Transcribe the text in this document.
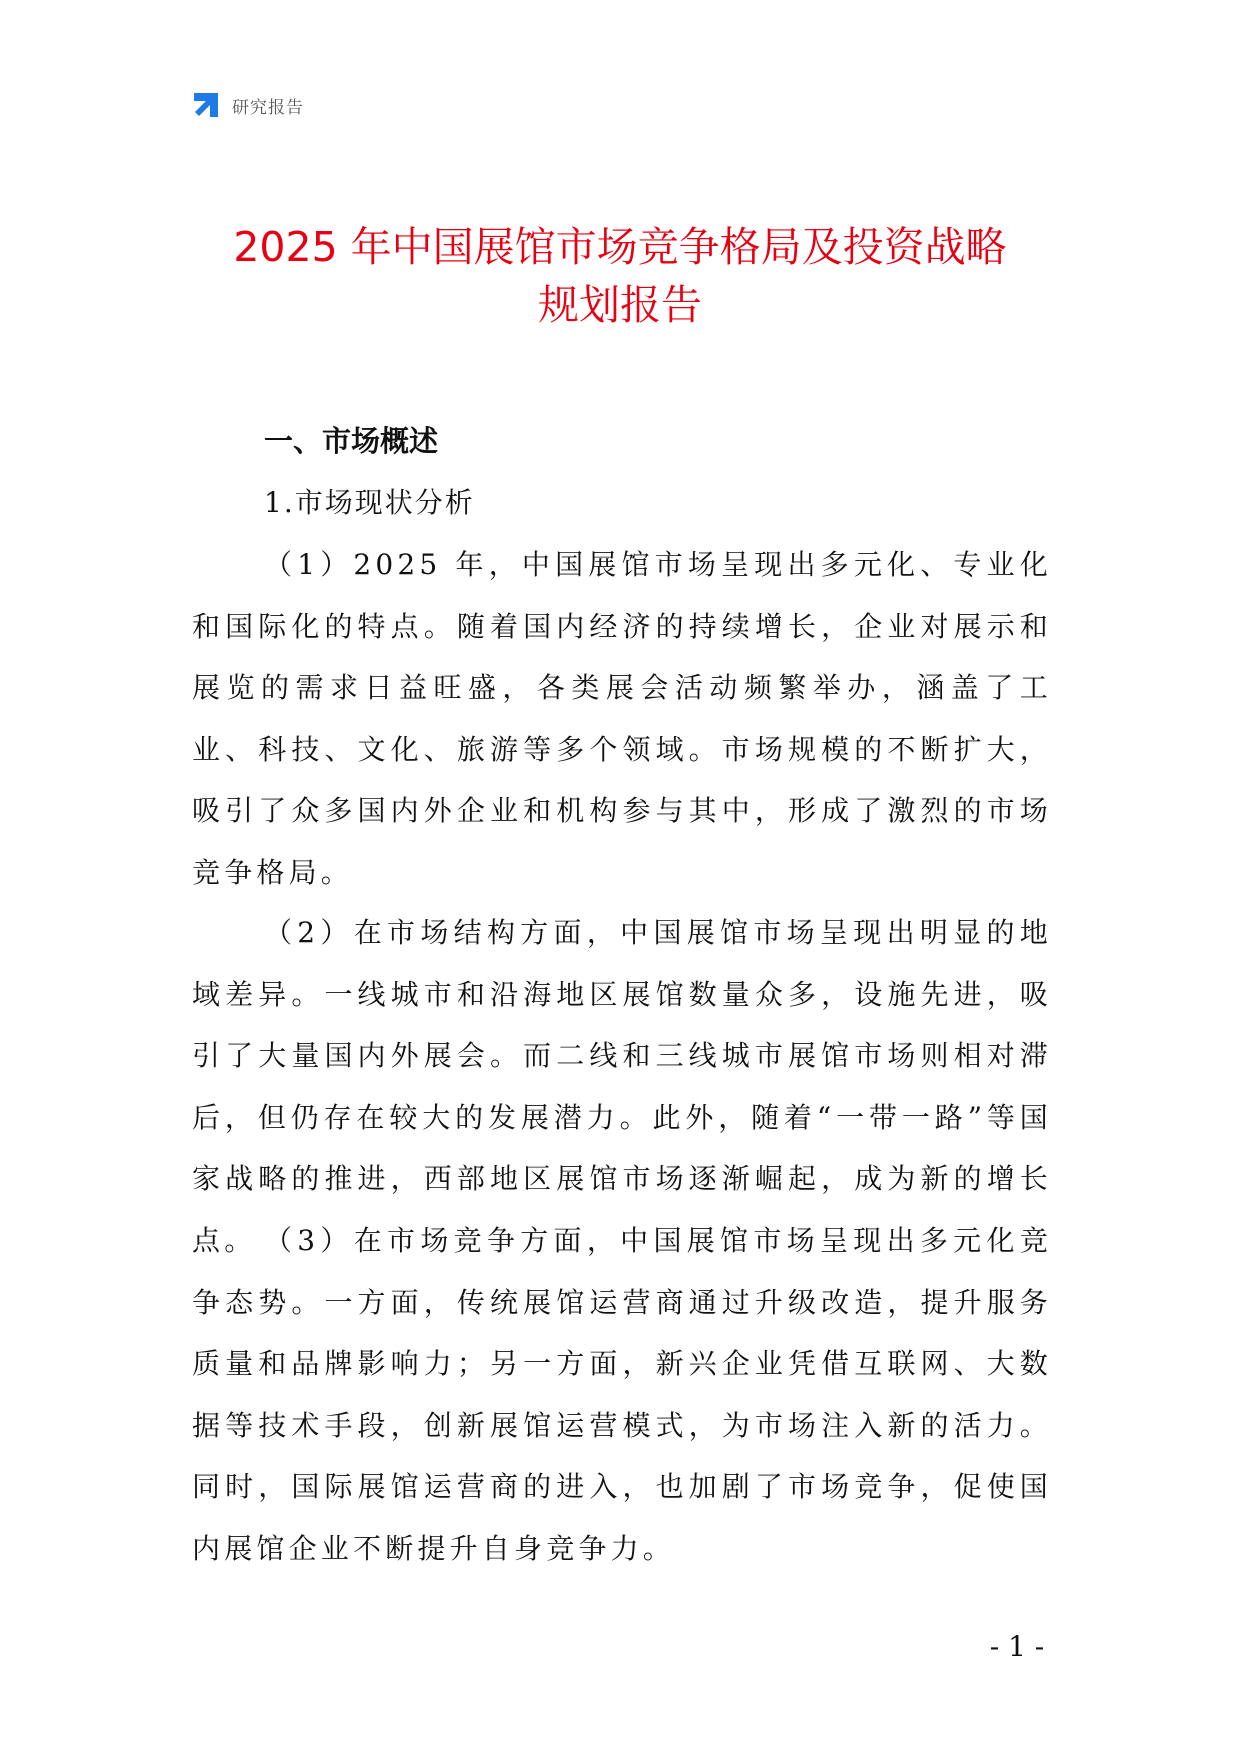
研究报告
2025 年中国展馆市场竞争格局及投资战略
规划报告
一、市场概述
1.市场现状分析

（1）2025 年，中国展馆市场呈现出多元化、专业化和国际化的特点。随着国内经济的持续增长，企业对展示和展览的需求日益旺盛，各类展会活动频繁举办，涵盖了工业、科技、文化、旅游等多个领域。市场规模的不断扩大，吸引了众多国内外企业和机构参与其中，形成了激烈的市场竞争格局。

（2）在市场结构方面，中国展馆市场呈现出明显的地域差异。一线城市和沿海地区展馆数量众多，设施先进，吸引了大量国内外展会。而二线和三线城市展馆市场则相对滞后，但仍存在较大的发展潜力。此外，随着“一带一路”等国家战略的推进，西部地区展馆市场逐渐崛起，成为新的增长点。 （3）在市场竞争方面，中国展馆市场呈现出多元化竞争态势。一方面，传统展馆运营商通过升级改造，提升服务质量和品牌影响力；另一方面，新兴企业凭借互联网、大数据等技术手段，创新展馆运营模式，为市场注入新的活力。同时，国际展馆运营商的进入，也加剧了市场竞争，促使国内展馆企业不断提升自身竞争力。

- 1 -
